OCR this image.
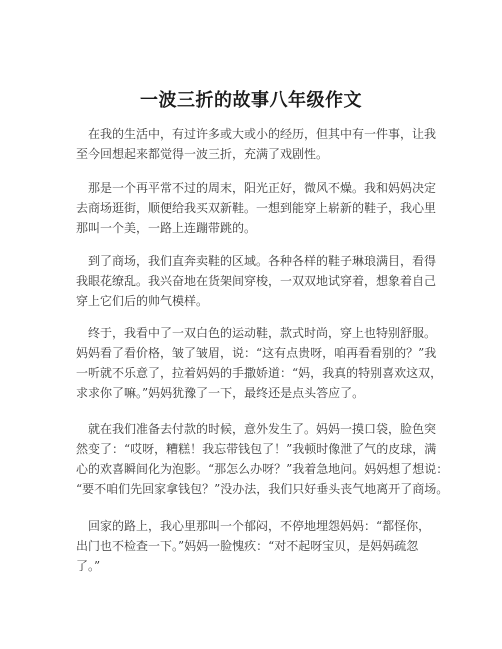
一波三折的故事八年级作文
在我的生活中，有过许多或大或小的经历，但其中有一件事，让我
至今回想起来都觉得一波三折，充满了戏剧性。
那是一个再平常不过的周末，阳光正好，微风不燥。我和妈妈决定
去商场逛街，顺便给我买双新鞋。一想到能穿上崭新的鞋子，我心里
那叫一个美，一路上连蹦带跳的。
到了商场，我们直奔卖鞋的区域。各种各样的鞋子琳琅满目，看得
我眼花缭乱。我兴奋地在货架间穿梭，一双双地试穿着，想象着自己
穿上它们后的帅气模样。
终于，我看中了一双白色的运动鞋，款式时尚，穿上也特别舒服。
妈妈看了看价格，皱了皱眉，说：“这有点贵呀，咱再看看别的？”我
一听就不乐意了，拉着妈妈的手撒娇道：“妈，我真的特别喜欢这双，
求求你了嘛。”妈妈犹豫了一下，最终还是点头答应了。
就在我们准备去付款的时候，意外发生了。妈妈一摸口袋，脸色突
然变了：“哎呀，糟糕！我忘带钱包了！”我顿时像泄了气的皮球，满
心的欢喜瞬间化为泡影。“那怎么办呀？”我着急地问。妈妈想了想说：
“要不咱们先回家拿钱包？”没办法，我们只好垂头丧气地离开了商场。
回家的路上，我心里那叫一个郁闷，不停地埋怨妈妈：“都怪你，
出门也不检查一下。”妈妈一脸愧疚：“对不起呀宝贝，是妈妈疏忽
了。”
